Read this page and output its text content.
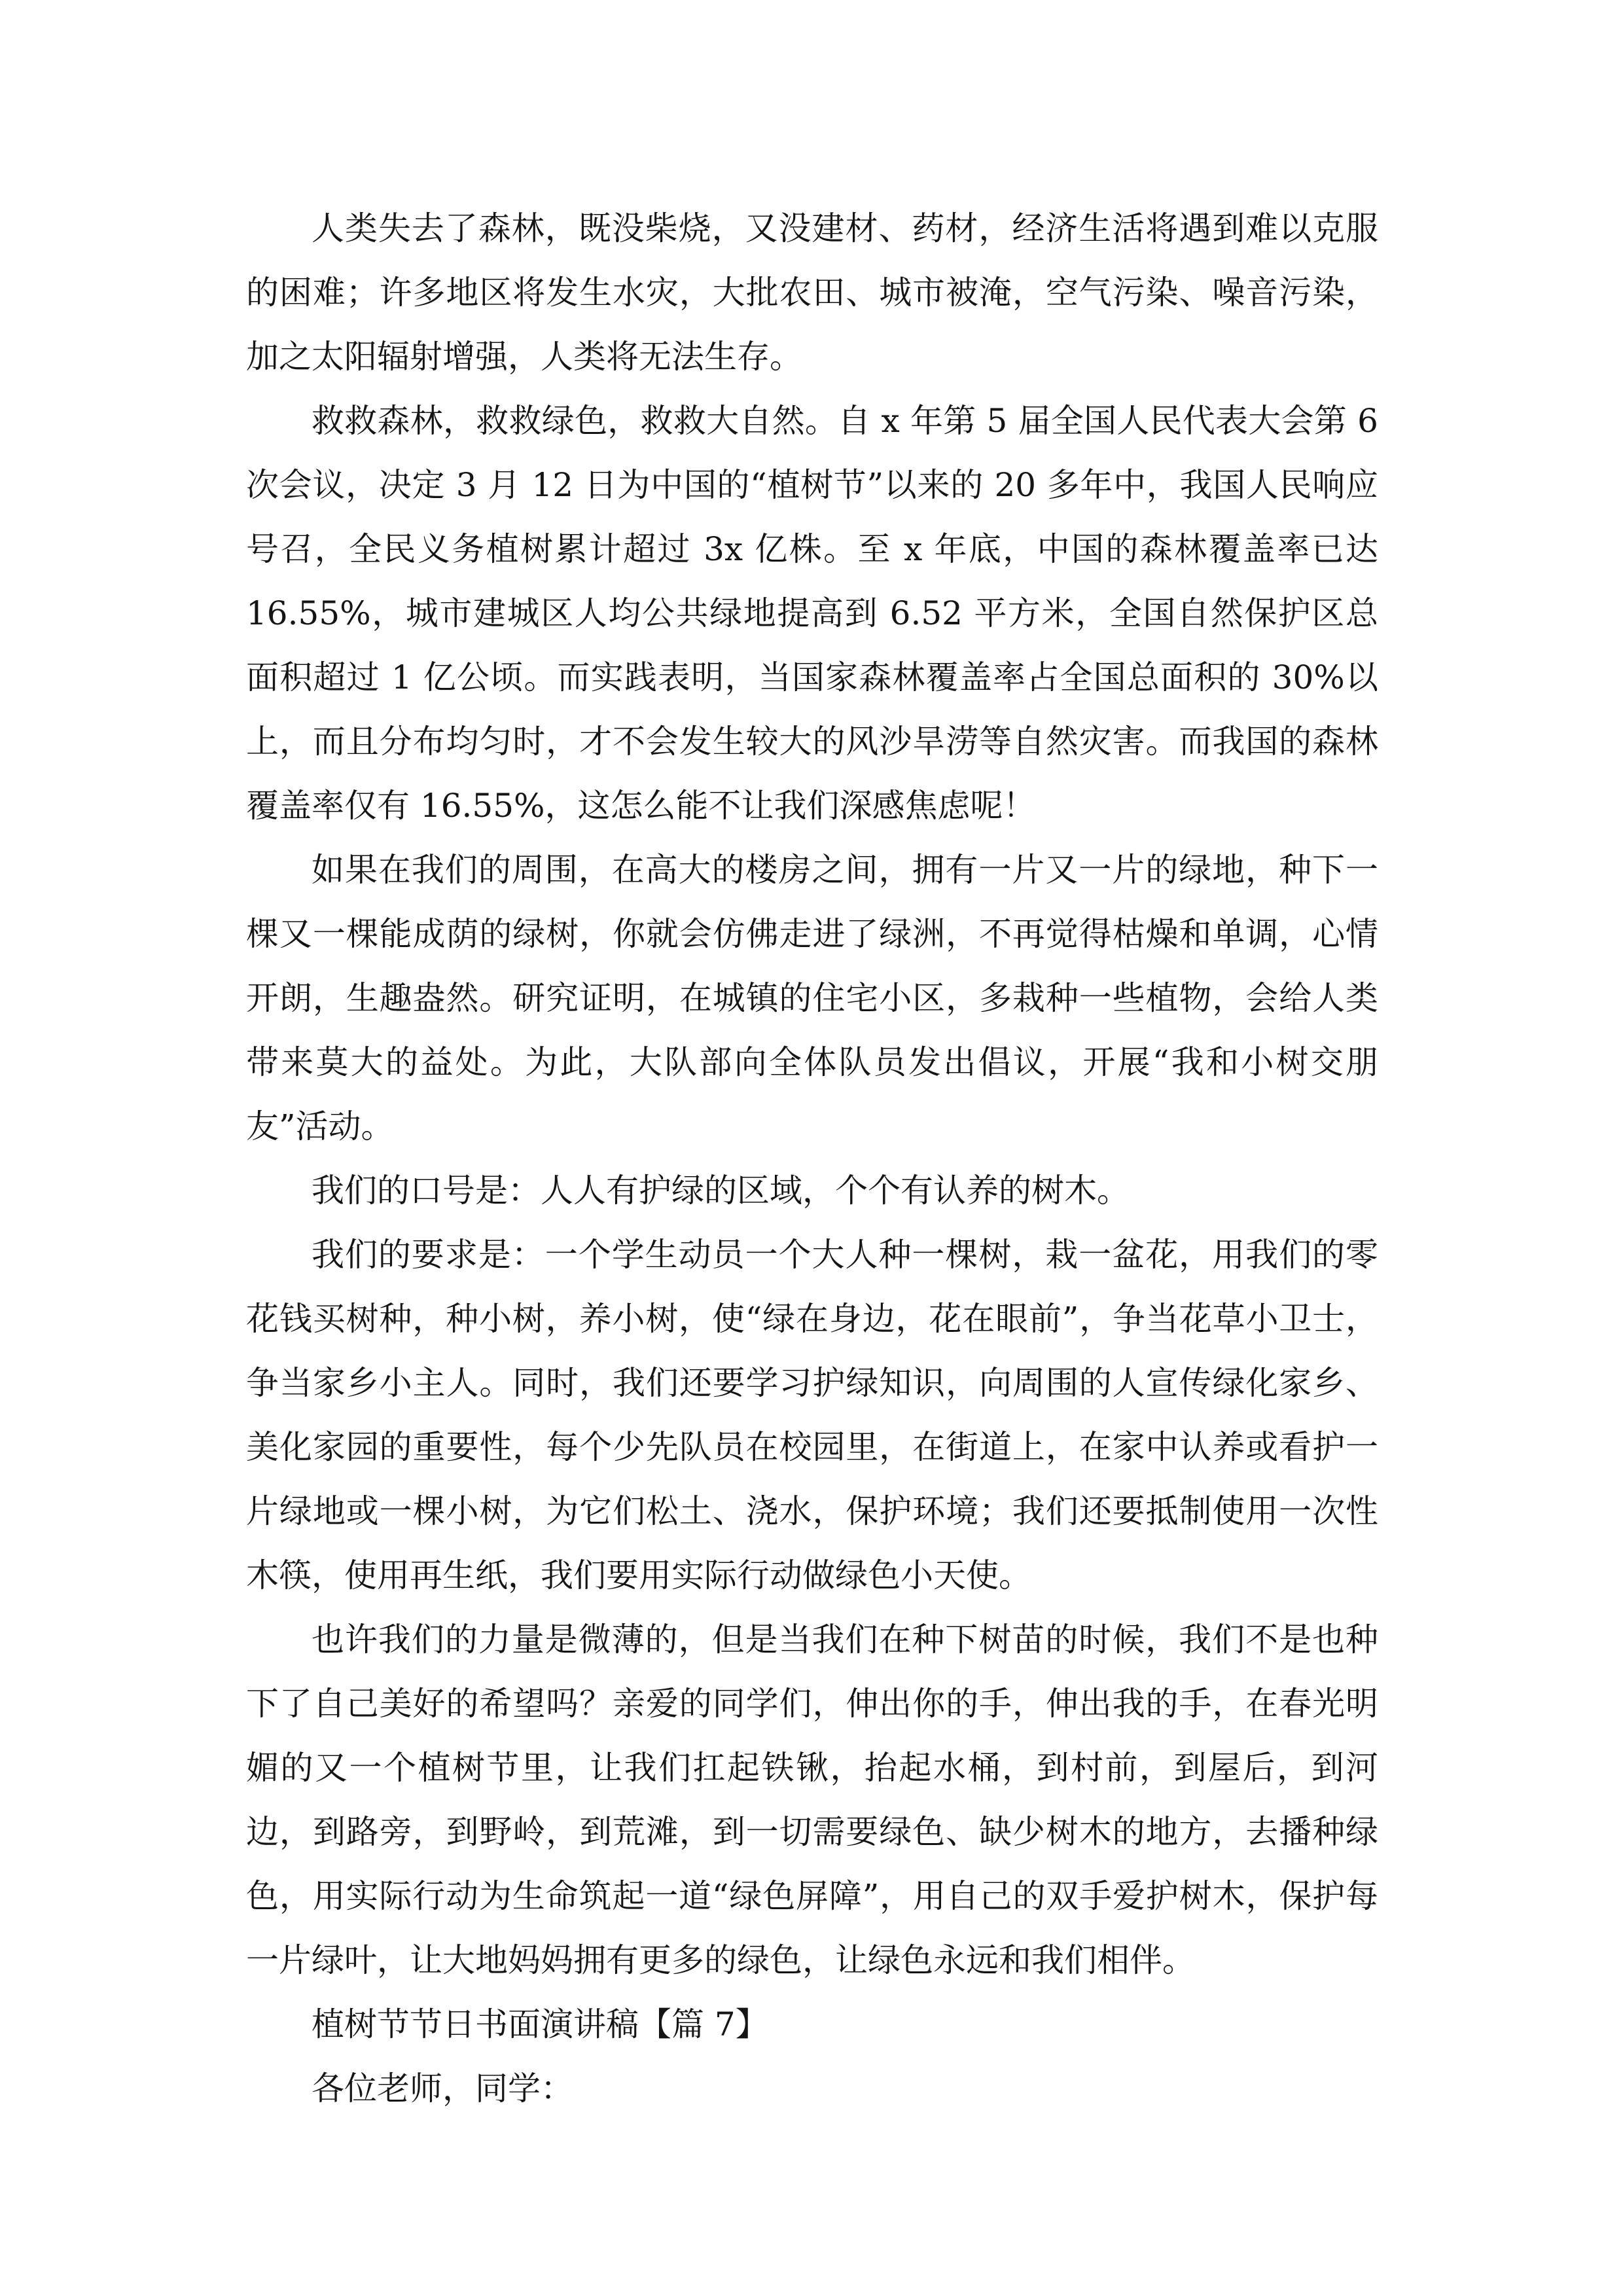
人类失去了森林，既没柴烧，又没建材、药材，经济生活将遇到难以克服的困难；许多地区将发生水灾，大批农田、城市被淹，空气污染、噪音污染，加之太阳辐射增强，人类将无法生存。

救救森林，救救绿色，救救大自然。自 x 年第 5 届全国人民代表大会第 6 次会议，决定 3 月 12 日为中国的“植树节”以来的 20 多年中，我国人民响应号召，全民义务植树累计超过 3x 亿株。至 x 年底，中国的森林覆盖率已达 16.55%，城市建城区人均公共绿地提高到 6.52 平方米，全国自然保护区总面积超过 1 亿公顷。而实践表明，当国家森林覆盖率占全国总面积的 30%以上，而且分布均匀时，才不会发生较大的风沙旱涝等自然灾害。而我国的森林覆盖率仅有 16.55%，这怎么能不让我们深感焦虑呢！

如果在我们的周围，在高大的楼房之间，拥有一片又一片的绿地，种下一棵又一棵能成荫的绿树，你就会仿佛走进了绿洲，不再觉得枯燥和单调，心情开朗，生趣盎然。研究证明，在城镇的住宅小区，多栽种一些植物，会给人类带来莫大的益处。为此，大队部向全体队员发出倡议，开展“我和小树交朋友”活动。

我们的口号是：人人有护绿的区域，个个有认养的树木。

我们的要求是：一个学生动员一个大人种一棵树，栽一盆花，用我们的零花钱买树种，种小树，养小树，使“绿在身边，花在眼前”，争当花草小卫士，争当家乡小主人。同时，我们还要学习护绿知识，向周围的人宣传绿化家乡、美化家园的重要性，每个少先队员在校园里，在街道上，在家中认养或看护一片绿地或一棵小树，为它们松土、浇水，保护环境；我们还要抵制使用一次性木筷，使用再生纸，我们要用实际行动做绿色小天使。

也许我们的力量是微薄的，但是当我们在种下树苗的时候，我们不是也种下了自己美好的希望吗？亲爱的同学们，伸出你的手，伸出我的手，在春光明媚的又一个植树节里，让我们扛起铁锹，抬起水桶，到村前，到屋后，到河边，到路旁，到野岭，到荒滩，到一切需要绿色、缺少树木的地方，去播种绿色，用实际行动为生命筑起一道“绿色屏障”，用自己的双手爱护树木，保护每一片绿叶，让大地妈妈拥有更多的绿色，让绿色永远和我们相伴。

植树节节日书面演讲稿【篇 7】

各位老师，同学：
